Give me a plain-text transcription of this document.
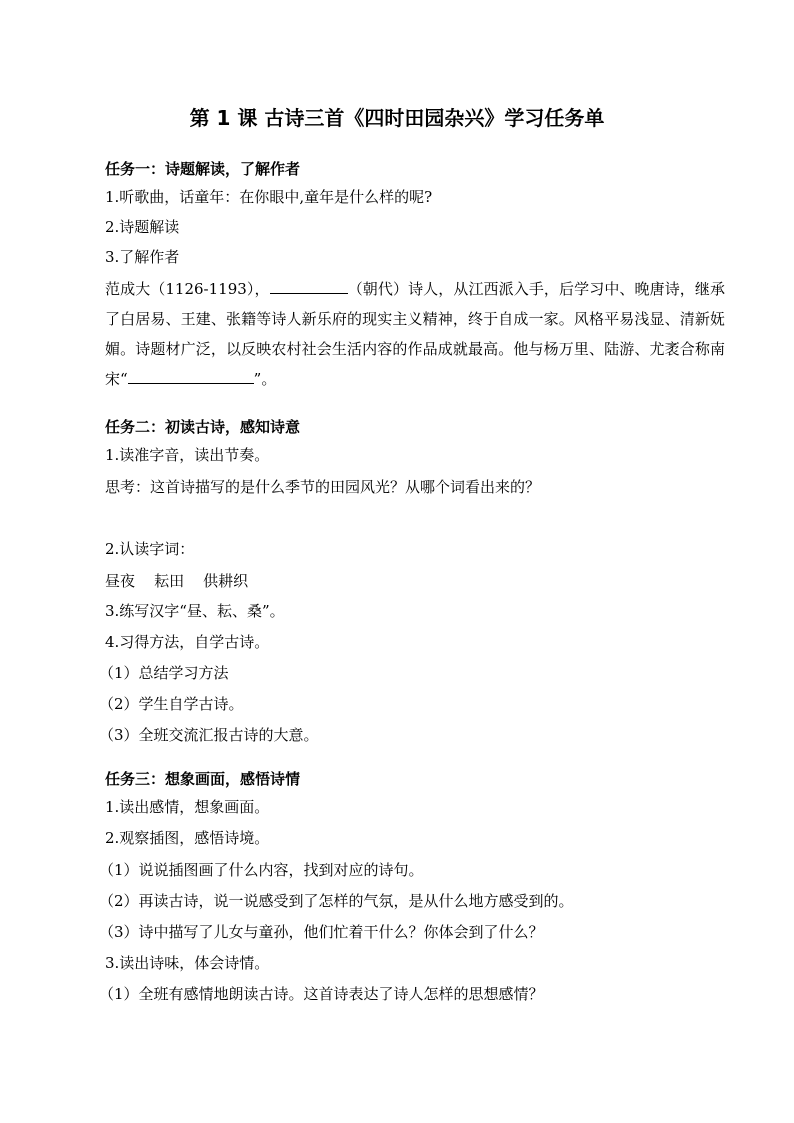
第 1 课 古诗三首《四时田园杂兴》学习任务单
任务一：诗题解读，了解作者
1.听歌曲，话童年：在你眼中,童年是什么样的呢?
2.诗题解读
3.了解作者
范成大（1126-1193），	（朝代）诗人，从江西派入手，后学习中、晚唐诗，继承了白居易、王建、张籍等诗人新乐府的现实主义精神，终于自成一家。风格平易浅显、清新妩媚。诗题材广泛，以反映农村社会生活内容的作品成就最高。他与杨万里、陆游、尤袤合称南宋“	”。
任务二：初读古诗，感知诗意
1.读准字音，读出节奏。
思考：这首诗描写的是什么季节的田园风光？从哪个词看出来的？
2.认读字词：
昼夜    耘田    供耕织
3.练写汉字“昼、耘、桑”。
4.习得方法，自学古诗。
（1）总结学习方法
（2）学生自学古诗。
（3）全班交流汇报古诗的大意。
任务三：想象画面，感悟诗情
1.读出感情，想象画面。
2.观察插图，感悟诗境。
（1）说说插图画了什么内容，找到对应的诗句。
（2）再读古诗，说一说感受到了怎样的气氛，是从什么地方感受到的。
（3）诗中描写了儿女与童孙，他们忙着干什么？你体会到了什么？
3.读出诗味，体会诗情。
（1）全班有感情地朗读古诗。这首诗表达了诗人怎样的思想感情？
